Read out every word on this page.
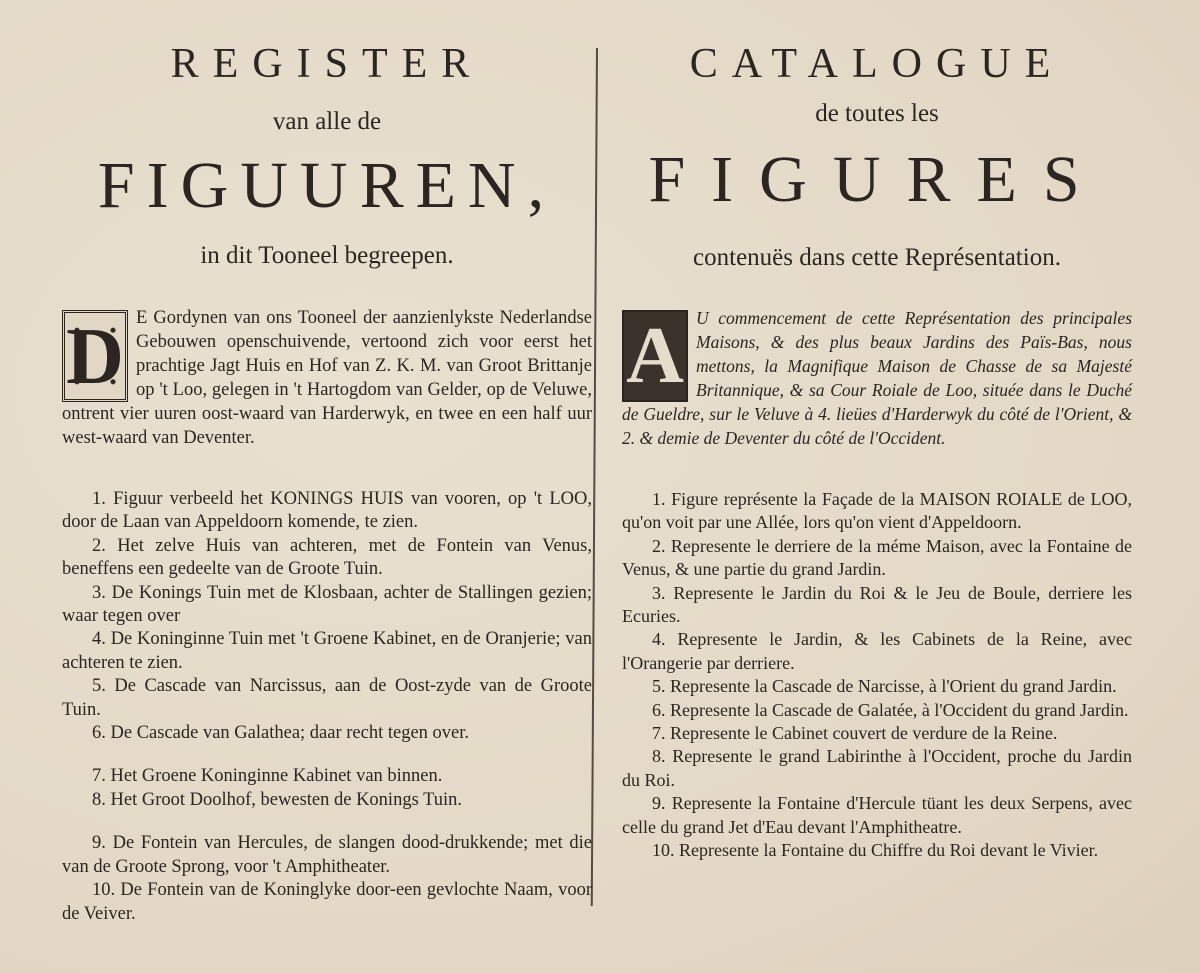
REGISTER
van alle de
FIGUUREN,
in dit Tooneel begreepen.
D E Gordynen van ons Tooneel der aanzienlykste Nederlandse Gebouwen openschuivende, vertoond zich voor eerst het prachtige Jagt Huis en Hof van Z. K. M. van Groot Brittanje op 't Loo, gelegen in 't Hartogdom van Gelder, op de Veluwe, ontrent vier uuren oost-waard van Harderwyk, en twee en een half uur west-waard van Deventer.

1. Figuur verbeeld het KONINGS HUIS van vooren, op 't LOO, door de Laan van Appeldoorn komende, te zien.

2. Het zelve Huis van achteren, met de Fontein van Venus, beneffens een gedeelte van de Groote Tuin.

3. De Konings Tuin met de Klosbaan, achter de Stallingen gezien; waar tegen over

4. De Koninginne Tuin met 't Groene Kabinet, en de Oranjerie; van achteren te zien.

5. De Cascade van Narcissus, aan de Oost-zyde van de Groote Tuin.

6. De Cascade van Galathea; daar recht tegen over.

7. Het Groene Koninginne Kabinet van binnen.

8. Het Groot Doolhof, bewesten de Konings Tuin.

9. De Fontein van Hercules, de slangen dood-drukkende; met die van de Groote Sprong, voor 't Amphitheater.

10. De Fontein van de Koninglyke door-een gevlochte Naam, voor de Veiver.

CATALOGUE
de toutes les
FIGURES
contenuës dans cette Représentation.
A U commencement de cette Représentation des principales Maisons, & des plus beaux Jardins des Païs-Bas, nous mettons, la Magnifique Maison de Chasse de sa Majesté Britannique, & sa Cour Roiale de Loo, située dans le Duché de Gueldre, sur le Veluve à 4. lieües d'Harderwyk du côté de l'Orient, & 2. & demie de Deventer du côté de l'Occident.

1. Figure représente la Façade de la MAISON ROIALE de LOO, qu'on voit par une Allée, lors qu'on vient d'Appeldoorn.

2. Represente le derriere de la méme Maison, avec la Fontaine de Venus, & une partie du grand Jardin.

3. Represente le Jardin du Roi & le Jeu de Boule, derriere les Ecuries.

4. Represente le Jardin, & les Cabinets de la Reine, avec l'Orangerie par derriere.

5. Represente la Cascade de Narcisse, à l'Orient du grand Jardin.

6. Represente la Cascade de Galatée, à l'Occident du grand Jardin.

7. Represente le Cabinet couvert de verdure de la Reine.

8. Represente le grand Labirinthe à l'Occident, proche du Jardin du Roi.

9. Represente la Fontaine d'Hercule tüant les deux Serpens, avec celle du grand Jet d'Eau devant l'Amphitheatre.

10. Represente la Fontaine du Chiffre du Roi devant le Vivier.
